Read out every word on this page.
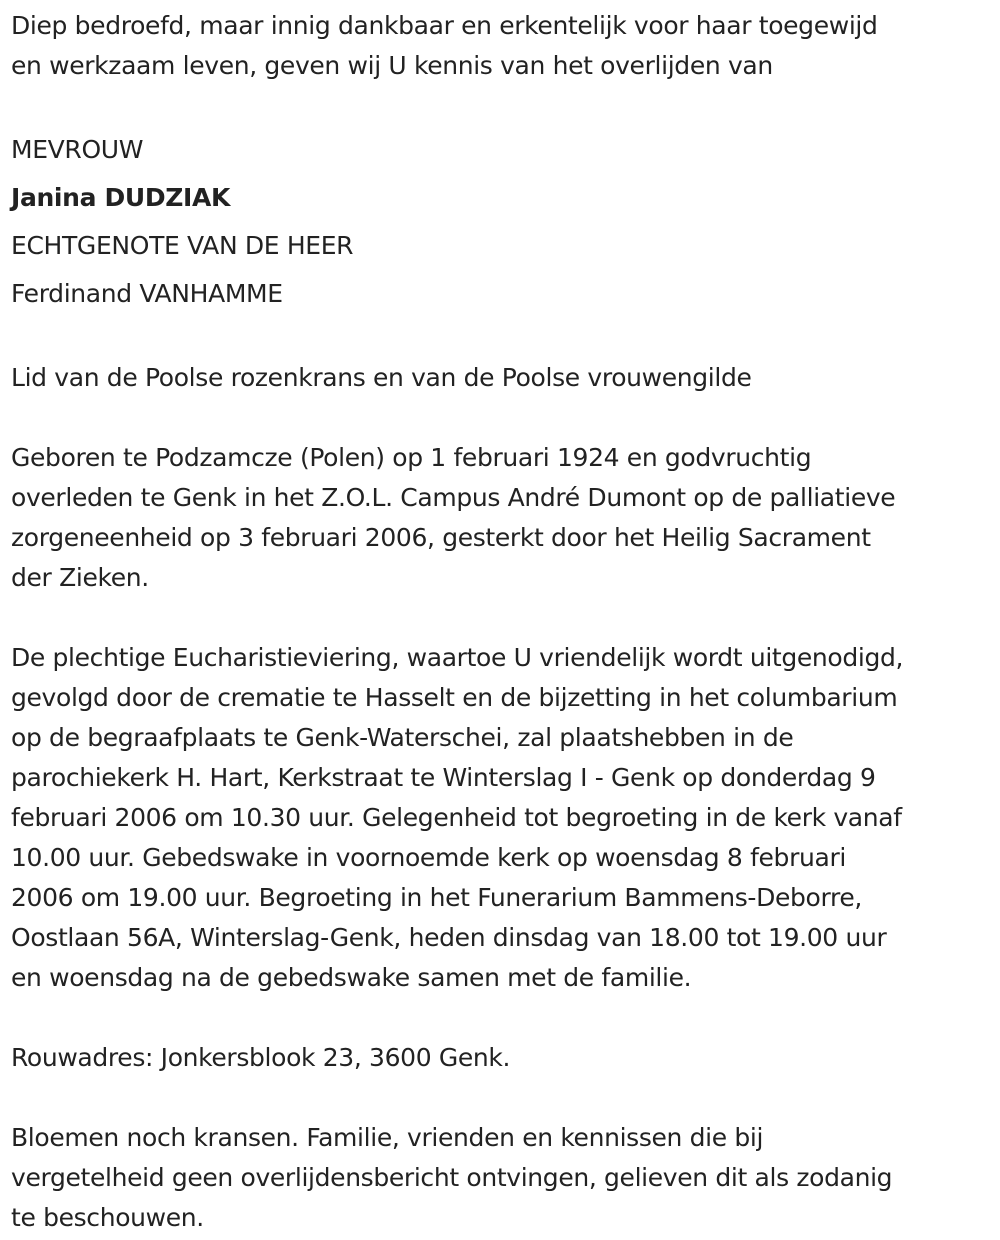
Diep bedroefd, maar innig dankbaar en erkentelijk voor haar toegewijd
en werkzaam leven, geven wij U kennis van het overlijden van

MEVROUW
Janina DUDZIAK
ECHTGENOTE VAN DE HEER
Ferdinand VANHAMME

Lid van de Poolse rozenkrans en van de Poolse vrouwengilde

Geboren te Podzamcze (Polen) op 1 februari 1924 en godvruchtig
overleden te Genk in het Z.O.L. Campus André Dumont op de palliatieve
zorgeneenheid op 3 februari 2006, gesterkt door het Heilig Sacrament
der Zieken.

De plechtige Eucharistieviering, waartoe U vriendelijk wordt uitgenodigd,
gevolgd door de crematie te Hasselt en de bijzetting in het columbarium
op de begraafplaats te Genk-Waterschei, zal plaatshebben in de
parochiekerk H. Hart, Kerkstraat te Winterslag I - Genk op donderdag 9
februari 2006 om 10.30 uur. Gelegenheid tot begroeting in de kerk vanaf
10.00 uur. Gebedswake in voornoemde kerk op woensdag 8 februari
2006 om 19.00 uur. Begroeting in het Funerarium Bammens-Deborre,
Oostlaan 56A, Winterslag-Genk, heden dinsdag van 18.00 tot 19.00 uur
en woensdag na de gebedswake samen met de familie.

Rouwadres: Jonkersblook 23, 3600 Genk.

Bloemen noch kransen. Familie, vrienden en kennissen die bij
vergetelheid geen overlijdensbericht ontvingen, gelieven dit als zodanig
te beschouwen.
